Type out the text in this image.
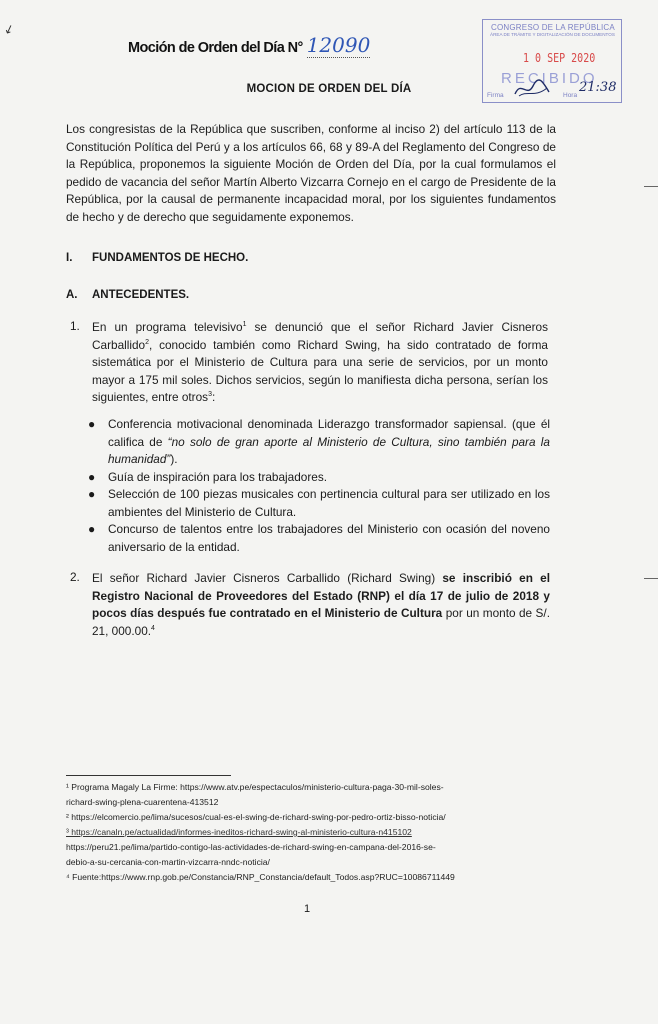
↙
Moción de Orden del Día N° 12090
CONGRESO DE LA REPÚBLICA
ÁREA DE TRÁMITE Y DIGITALIZACIÓN DE DOCUMENTOS
1 0 SEP 2020
RECIBIDO
Firma	Hora
21:38
MOCION DE ORDEN DEL DÍA
Los congresistas de la República que suscriben, conforme al inciso 2) del artículo 113 de la Constitución Política del Perú y a los artículos 66, 68 y 89-A del Reglamento del Congreso de la República, proponemos la siguiente Moción de Orden del Día, por la cual formulamos el pedido de vacancia del señor Martín Alberto Vizcarra Cornejo en el cargo de Presidente de la República, por la causal de permanente incapacidad moral, por los siguientes fundamentos de hecho y de derecho que seguidamente exponemos.
I. FUNDAMENTOS DE HECHO.
A. ANTECEDENTES.
1. En un programa televisivo$^1$ se denunció que el señor Richard Javier Cisneros Carballido$^2$, conocido también como Richard Swing, ha sido contratado de forma sistemática por el Ministerio de Cultura para una serie de servicios, por un monto mayor a 175 mil soles. Dichos servicios, según lo manifiesta dicha persona, serían los siguientes, entre otros$^3$:
● Conferencia motivacional denominada Liderazgo transformador sapiensal. (que él califica de “no solo de gran aporte al Ministerio de Cultura, sino también para la humanidad”).
● Guía de inspiración para los trabajadores.
● Selección de 100 piezas musicales con pertinencia cultural para ser utilizado en los ambientes del Ministerio de Cultura.
● Concurso de talentos entre los trabajadores del Ministerio con ocasión del noveno aniversario de la entidad.
2. El señor Richard Javier Cisneros Carballido (Richard Swing) se inscribió en el Registro Nacional de Proveedores del Estado (RNP) el día 17 de julio de 2018 y pocos días después fue contratado en el Ministerio de Cultura por un monto de S/. 21, 000.00.$^4$
¹ Programa Magaly La Firme: https://www.atv.pe/espectaculos/ministerio-cultura-paga-30-mil-soles-
richard-swing-plena-cuarentena-413512
² https://elcomercio.pe/lima/sucesos/cual-es-el-swing-de-richard-swing-por-pedro-ortiz-bisso-noticia/
³ https://canaln.pe/actualidad/informes-ineditos-richard-swing-al-ministerio-cultura-n415102
https://peru21.pe/lima/partido-contigo-las-actividades-de-richard-swing-en-campana-del-2016-se-
debio-a-su-cercania-con-martin-vizcarra-nndc-noticia/
⁴ Fuente:https://www.rnp.gob.pe/Constancia/RNP_Constancia/default_Todos.asp?RUC=10086711449
1
